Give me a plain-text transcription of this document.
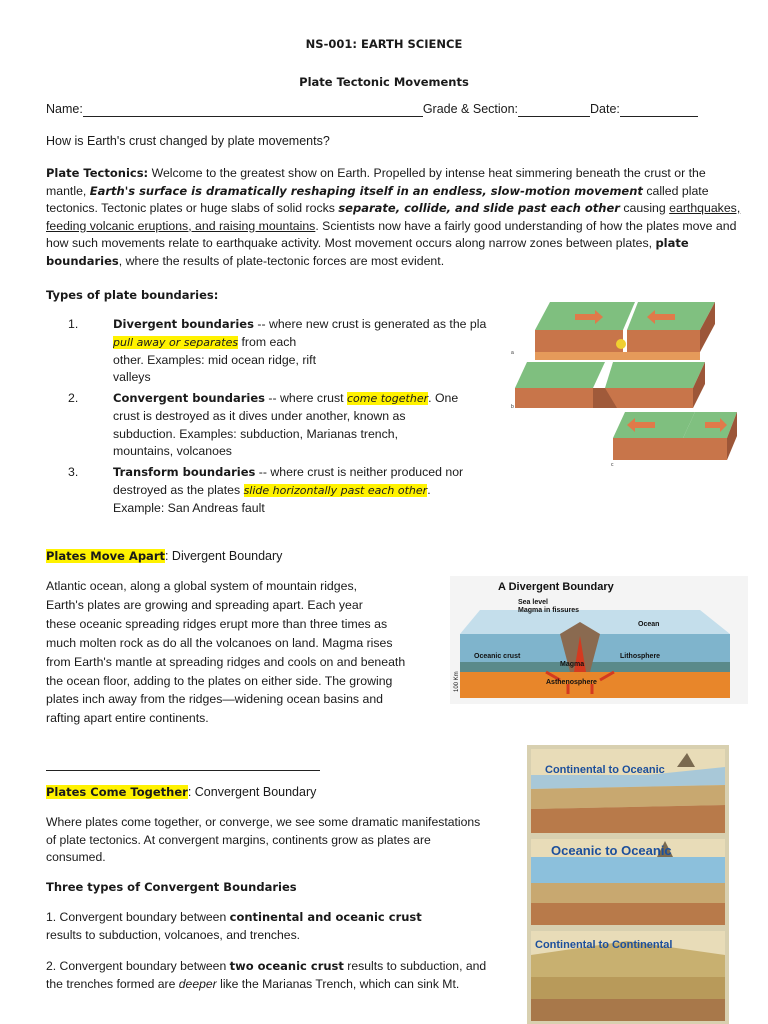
NS-001: EARTH SCIENCE
Plate Tectonic Movements
Name:	Grade & Section:	Date:
How is Earth's crust changed by plate movements?
Plate Tectonics: Welcome to the greatest show on Earth. Propelled by intense heat simmering beneath the crust or the mantle, Earth's surface is dramatically reshaping itself in an endless, slow-motion movement called plate tectonics. Tectonic plates or huge slabs of solid rocks separate, collide, and slide past each other causing earthquakes, feeding volcanic eruptions, and raising mountains. Scientists now have a fairly good understanding of how the plates move and how such movements relate to earthquake activity. Most movement occurs along narrow zones between plates, plate boundaries, where the results of plate-tectonic forces are most evident.
Types of plate boundaries:
1.	Divergent boundaries -- where new crust is generated as the pla
pull away or separates from each
other. Examples: mid ocean ridge, rift
valleys
2.	Convergent boundaries -- where crust come together. One
crust is destroyed as it dives under another, known as
subduction. Examples: subduction, Marianas trench,
mountains, volcanoes
3.	Transform boundaries -- where crust is neither produced nor
destroyed as the plates slide horizontally past each other.
Example: San Andreas fault
a
b
c
Plates Move Apart: Divergent Boundary
Atlantic ocean, along a global system of mountain ridges,
Earth's plates are growing and spreading apart. Each year
these oceanic spreading ridges erupt more than three times as
much molten rock as do all the volcanoes on land. Magma rises
from Earth's mantle at spreading ridges and cools on and beneath
the ocean floor, adding to the plates on either side. The growing
plates inch away from the ridges—widening ocean basins and
rafting apart entire continents.
A Divergent Boundary
Sea level
Magma in fissures
Ocean
Oceanic crust	Lithosphere
Magma
Asthenosphere
100 Km
Plates Come Together: Convergent Boundary
Where plates come together, or converge, we see some dramatic manifestations
of plate tectonics. At convergent margins, continents grow as plates are
consumed.
Three types of Convergent Boundaries
1. Convergent boundary between continental and oceanic crust
results to subduction, volcanoes, and trenches.
2. Convergent boundary between two oceanic crust results to subduction, and
the trenches formed are deeper like the Marianas Trench, which can sink Mt.
Continental to Oceanic
Oceanic to Oceanic
Continental to Continental
